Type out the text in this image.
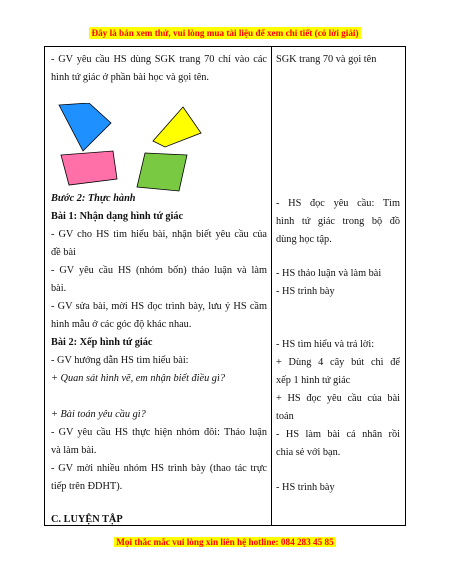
Đây là bản xem thử, vui lòng mua tài liệu để xem chi tiết (có lời giải)
- GV yêu cầu HS dùng SGK trang 70 chỉ vào các
hình tứ giác ở phần bài học và gọi tên.
Bước 2: Thực hành
Bài 1: Nhận dạng hình tứ giác
- GV cho HS tìm hiểu bài, nhận biết yêu cầu của
đề bài
- GV yêu cầu HS (nhóm bốn) thảo luận và làm
bài.
- GV sửa bài, mời HS đọc trình bày, lưu ý HS cầm
hình mẫu ở các góc độ khác nhau.
Bài 2: Xếp hình tứ giác
- GV hướng dẫn HS tìm hiểu bài:
+ Quan sát hình vẽ, em nhận biết điều gì?
+ Bài toán yêu cầu gì?
- GV yêu cầu HS thực hiện nhóm đôi: Thảo luận
và làm bài.
- GV mời nhiều nhóm HS trình bày (thao tác trực
tiếp trên ĐDHT).
C. LUYỆN TẬP
SGK trang 70 và gọi tên
- HS đọc yêu cầu: Tìm
hình tứ giác trong bộ đồ
dùng học tập.
- HS thảo luận và làm bài
- HS trình bày
- HS tìm hiểu và trả lời:
+ Dùng 4 cây bút chì để
xếp 1 hình tứ giác
+ HS đọc yêu cầu của bài
toán
- HS làm bài cá nhân rồi
chia sẻ với bạn.
- HS trình bày
Mọi thắc mắc vui lòng xin liên hệ hotline: 084 283 45 85
